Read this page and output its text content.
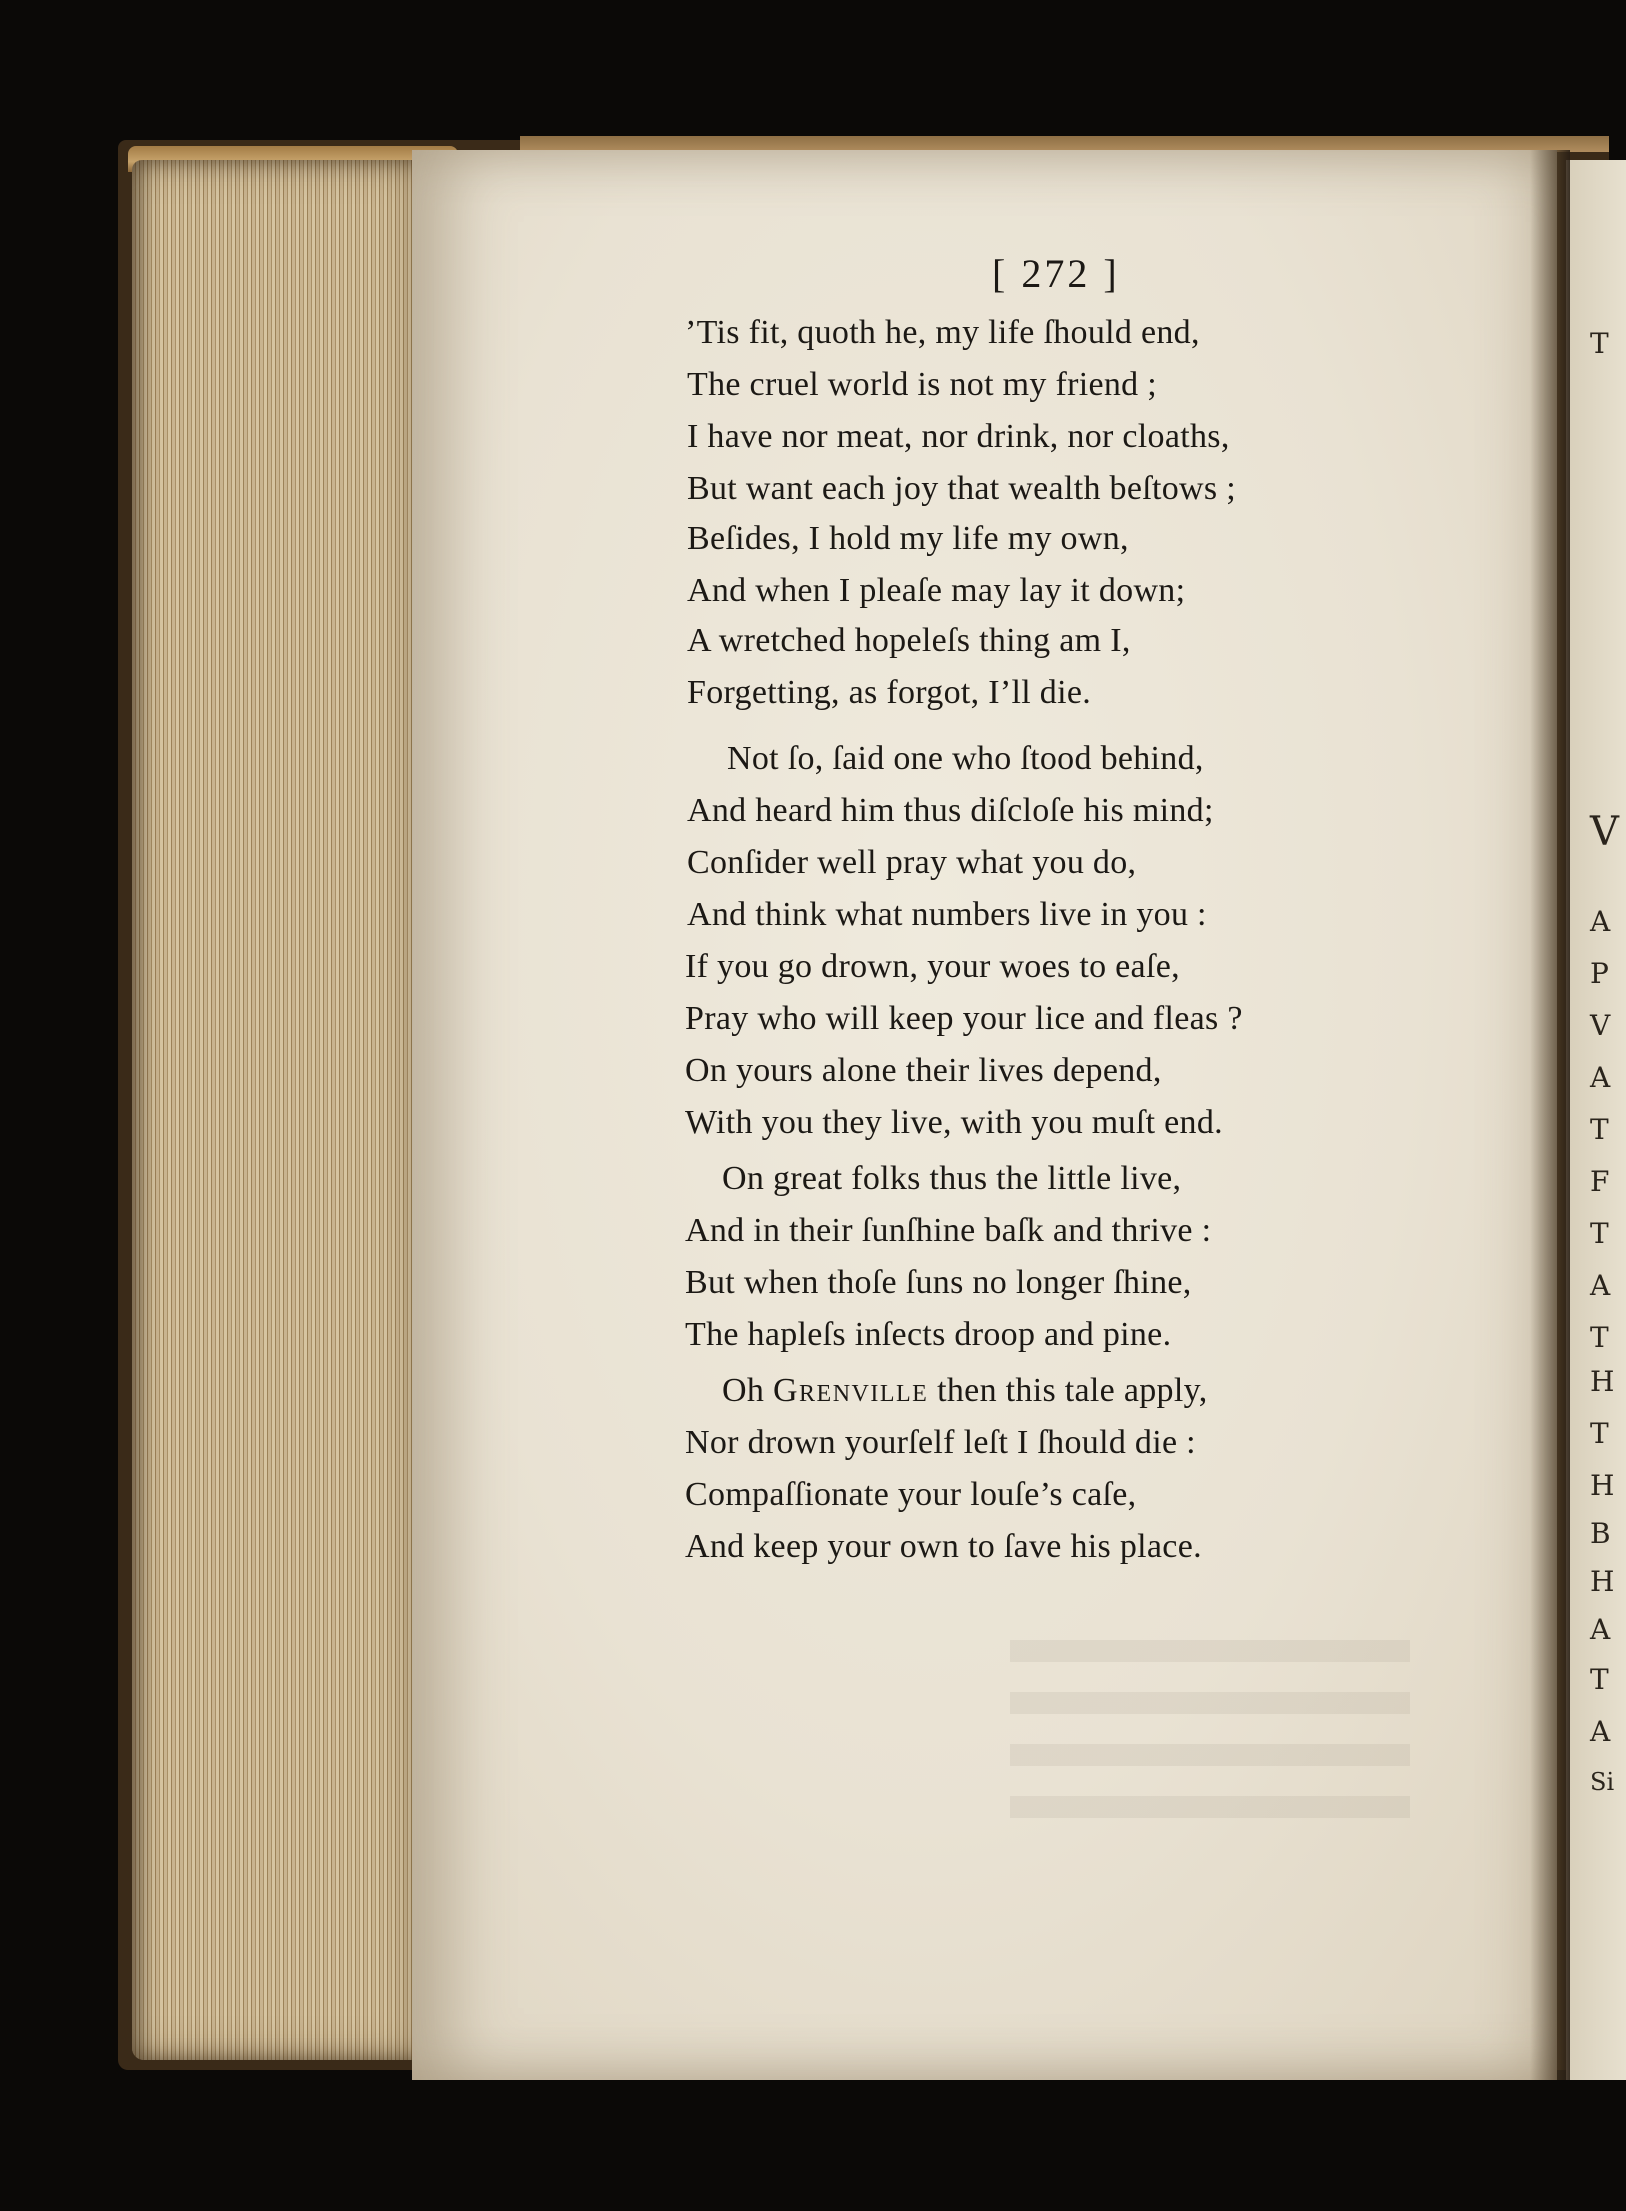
T
V
A
P
V
A
T
F
T
A
T
H
T
H
B
H
A
T
A
Si
[ 272 ]
’Tis fit, quoth he, my life ſhould end,
The cruel world is not my friend ;
I have nor meat, nor drink, nor cloaths,
But want each joy that wealth beſtows ;
Beſides, I hold my life my own,
And when I pleaſe may lay it down;
A wretched hopeleſs thing am I,
Forgetting, as forgot, I’ll die.
Not ſo, ſaid one who ſtood behind,
And heard him thus diſcloſe his mind;
Conſider well pray what you do,
And think what numbers live in you :
If you go drown, your woes to eaſe,
Pray who will keep your lice and fleas ?
On yours alone their lives depend,
With you they live, with you muſt end.
On great folks thus the little live,
And in their ſunſhine baſk and thrive :
But when thoſe ſuns no longer ſhine,
The hapleſs inſects droop and pine.
Oh Grenville then this tale apply,
Nor drown yourſelf leſt I ſhould die :
Compaſſionate your louſe’s caſe,
And keep your own to ſave his place.
